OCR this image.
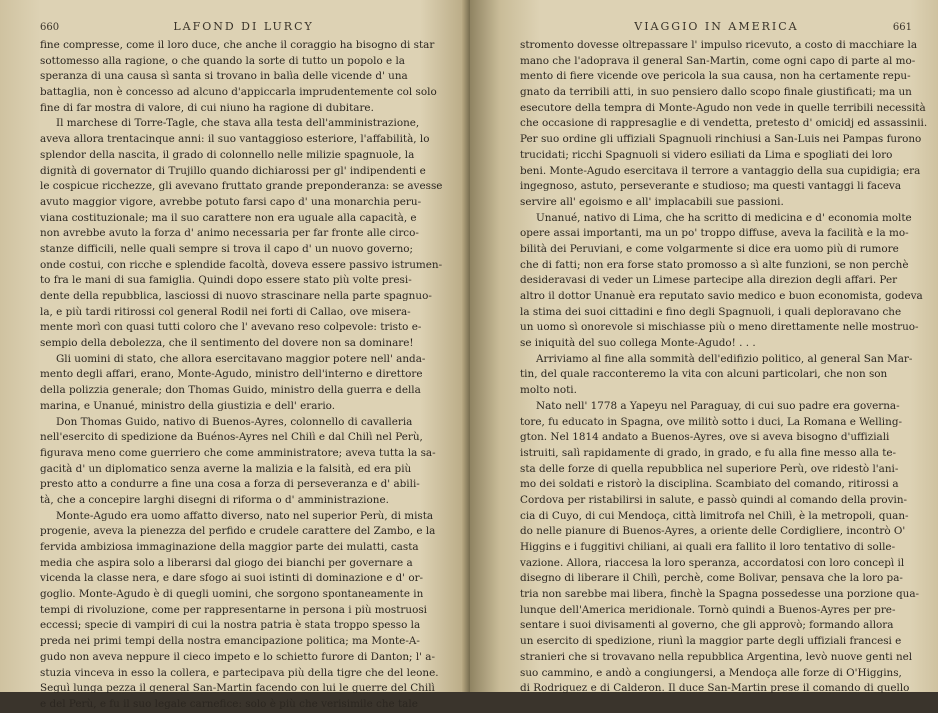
660	LAFOND DI LURCY
fine compresse, come il loro duce, che anche il coraggio ha bisogno di star
sottomesso alla ragione, o che quando la sorte di tutto un popolo e la
speranza di una causa sì santa si trovano in balìa delle vicende d' una
battaglia, non è concesso ad alcuno d'appiccarla imprudentemente col solo
fine di far mostra di valore, di cui niuno ha ragione di dubitare.
Il marchese di Torre-Tagle, che stava alla testa dell'amministrazione,
aveva allora trentacinque anni: il suo vantaggioso esteriore, l'affabilità, lo
splendor della nascita, il grado di colonnello nelle milizie spagnuole, la
dignità di governator di Trujillo quando dichiarossi per gl' indipendenti e
le cospicue ricchezze, gli avevano fruttato grande preponderanza: se avesse
avuto maggior vigore, avrebbe potuto farsi capo d' una monarchia peru-
viana costituzionale; ma il suo carattere non era uguale alla capacità, e
non avrebbe avuto la forza d' animo necessaria per far fronte alle circo-
stanze difficili, nelle quali sempre si trova il capo d' un nuovo governo;
onde costui, con ricche e splendide facoltà, doveva essere passivo istrumen-
to fra le mani di sua famiglia. Quindi dopo essere stato più volte presi-
dente della repubblica, lasciossi di nuovo strascinare nella parte spagnuo-
la, e più tardi ritirossi col general Rodil nei forti di Callao, ove misera-
mente morì con quasi tutti coloro che l' avevano reso colpevole: tristo e-
sempio della debolezza, che il sentimento del dovere non sa dominare!
Gli uomini di stato, che allora esercitavano maggior potere nell' anda-
mento degli affari, erano, Monte-Agudo, ministro dell'interno e direttore
della polizzia generale; don Thomas Guido, ministro della guerra e della
marina, e Unanué, ministro della giustizia e dell' erario.
Don Thomas Guido, nativo di Buenos-Ayres, colonnello di cavalleria
nell'esercito di spedizione da Buénos-Ayres nel Chilì e dal Chilì nel Perù,
figurava meno come guerriero che come amministratore; aveva tutta la sa-
gacità d' un diplomatico senza averne la malizia e la falsità, ed era più
presto atto a condurre a fine una cosa a forza di perseveranza e d' abili-
tà, che a concepire larghi disegni di riforma o d' amministrazione.
Monte-Agudo era uomo affatto diverso, nato nel superior Perù, di mista
progenie, aveva la pienezza del perfido e crudele carattere del Zambo, e la
fervida ambiziosa immaginazione della maggior parte dei mulatti, casta
media che aspira solo a liberarsi dal giogo dei bianchi per governare a
vicenda la classe nera, e dare sfogo ai suoi istinti di dominazione e d' or-
goglio. Monte-Agudo è di quegli uomini, che sorgono spontaneamente in
tempi di rivoluzione, come per rappresentarne in persona i più mostruosi
eccessi; specie di vampiri di cui la nostra patria è stata troppo spesso la
preda nei primi tempi della nostra emancipazione politica; ma Monte-A-
gudo non aveva neppure il cieco impeto e lo schietto furore di Danton; l' a-
stuzia vinceva in esso la collera, e partecipava più della tigre che del leone.
Seguì lunga pezza il general San-Martin facendo con lui le guerre del Chilì
e del Perù, e fu il suo legale carnefice: solo è più che verisimile che tale
VIAGGIO IN AMERICA	661
stromento dovesse oltrepassare l' impulso ricevuto, a costo di macchiare la
mano che l'adoprava il general San-Martin, come ogni capo di parte al mo-
mento di fiere vicende ove pericola la sua causa, non ha certamente repu-
gnato da terribili atti, in suo pensiero dallo scopo finale giustificati; ma un
esecutore della tempra di Monte-Agudo non vede in quelle terribili necessità
che occasione di rappresaglie e di vendetta, pretesto d' omicidj ed assassinii.
Per suo ordine gli uffiziali Spagnuoli rinchiusi a San-Luis nei Pampas furono
trucidati; ricchi Spagnuoli si videro esiliati da Lima e spogliati dei loro
beni. Monte-Agudo esercitava il terrore a vantaggio della sua cupidigia; era
ingegnoso, astuto, perseverante e studioso; ma questi vantaggi li faceva
servire all' egoismo e all' implacabili sue passioni.
Unanué, nativo di Lima, che ha scritto di medicina e d' economia molte
opere assai importanti, ma un po' troppo diffuse, aveva la facilità e la mo-
bilità dei Peruviani, e come volgarmente si dice era uomo più di rumore
che di fatti; non era forse stato promosso a sì alte funzioni, se non perchè
desideravasi di veder un Limese partecipe alla direzion degli affari. Per
altro il dottor Unanuè era reputato savio medico e buon economista, godeva
la stima dei suoi cittadini e fino degli Spagnuoli, i quali deploravano che
un uomo sì onorevole si mischiasse più o meno direttamente nelle mostruo-
se iniquità del suo collega Monte-Agudo! . . .
Arriviamo al fine alla sommità dell'edifizio politico, al general San Mar-
tin, del quale racconteremo la vita con alcuni particolari, che non son
molto noti.
Nato nell' 1778 a Yapeyu nel Paraguay, di cui suo padre era governa-
tore, fu educato in Spagna, ove militò sotto i duci, La Romana e Welling-
gton. Nel 1814 andato a Buenos-Ayres, ove si aveva bisogno d'uffiziali
istruiti, salì rapidamente di grado, in grado, e fu alla fine messo alla te-
sta delle forze di quella repubblica nel superiore Perù, ove ridestò l'ani-
mo dei soldati e ristorò la disciplina. Scambiato del comando, ritirossi a
Cordova per ristabilirsi in salute, e passò quindi al comando della provin-
cia di Cuyo, di cui Mendoça, città limitrofa nel Chilì, è la metropoli, quan-
do nelle pianure di Buenos-Ayres, a oriente delle Cordigliere, incontrò O'
Higgins e i fuggitivi chiliani, ai quali era fallito il loro tentativo di solle-
vazione. Allora, riaccesa la loro speranza, accordatosi con loro concepì il
disegno di liberare il Chilì, perchè, come Bolivar, pensava che la loro pa-
tria non sarebbe mai libera, finchè la Spagna possedesse una porzione qua-
lunque dell'America meridionale. Tornò quindi a Buenos-Ayres per pre-
sentare i suoi divisamenti al governo, che gli approvò; formando allora
un esercito di spedizione, riunì la maggior parte degli uffiziali francesi e
stranieri che si trovavano nella repubblica Argentina, levò nuove genti nel
suo cammino, e andò a congiungersi, a Mendoça alle forze di O'Higgins,
di Rodriguez e di Calderon. Il duce San-Martin prese il comando di quello
